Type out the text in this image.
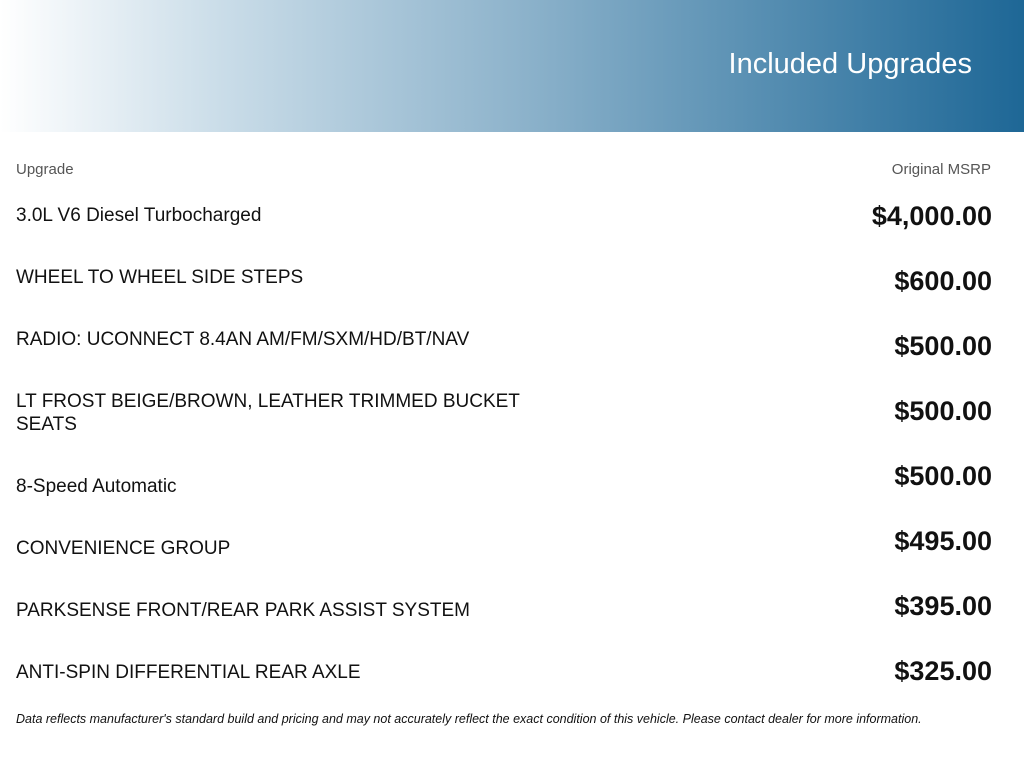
Included Upgrades
Upgrade	Original MSRP
3.0L V6 Diesel Turbocharged	$4,000.00
WHEEL TO WHEEL SIDE STEPS	$600.00
RADIO: UCONNECT 8.4AN AM/FM/SXM/HD/BT/NAV	$500.00
LT FROST BEIGE/BROWN, LEATHER TRIMMED BUCKET SEATS	$500.00
8-Speed Automatic	$500.00
CONVENIENCE GROUP	$495.00
PARKSENSE FRONT/REAR PARK ASSIST SYSTEM	$395.00
ANTI-SPIN DIFFERENTIAL REAR AXLE	$325.00
Data reflects manufacturer's standard build and pricing and may not accurately reflect the exact condition of this vehicle. Please contact dealer for more information.
